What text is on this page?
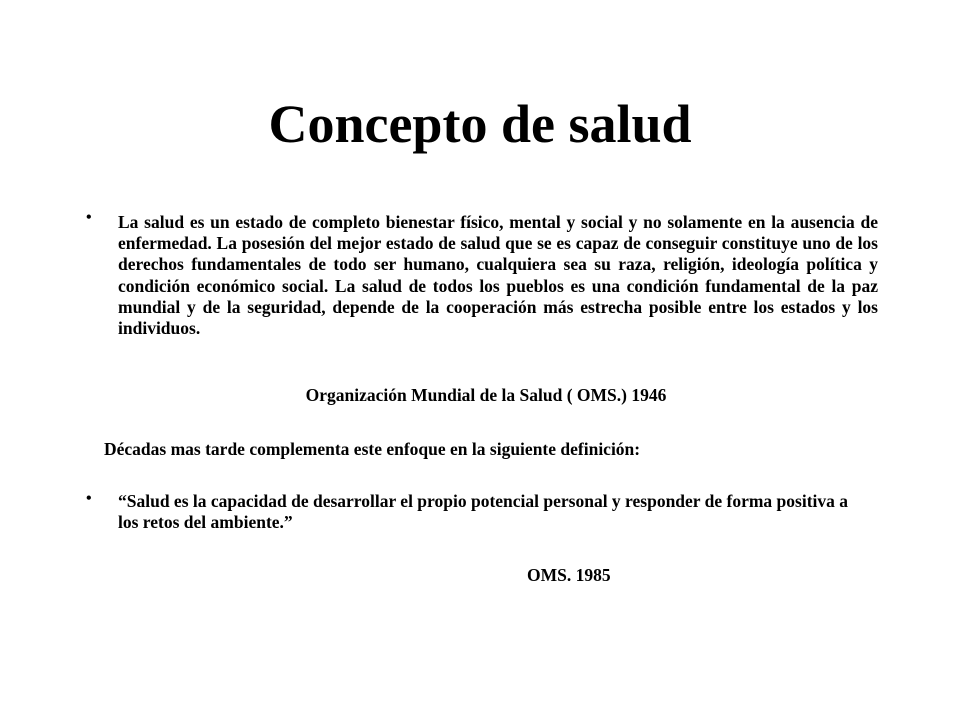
Concepto de salud
• La salud es un estado de completo bienestar físico, mental y social y no solamente en la ausencia de enfermedad. La posesión del mejor estado de salud que se es capaz de conseguir constituye uno de los derechos fundamentales de todo ser humano, cualquiera sea su raza, religión, ideología política y condición económico social. La salud de todos los pueblos es una condición fundamental de la paz mundial y de la seguridad, depende de la cooperación más estrecha posible entre los estados y los individuos.

Organización Mundial de la Salud ( OMS.) 1946

Décadas mas tarde complementa este enfoque en la siguiente definición:

• “Salud es la capacidad de desarrollar el propio potencial personal y responder de forma positiva a los retos del ambiente.”

OMS. 1985
